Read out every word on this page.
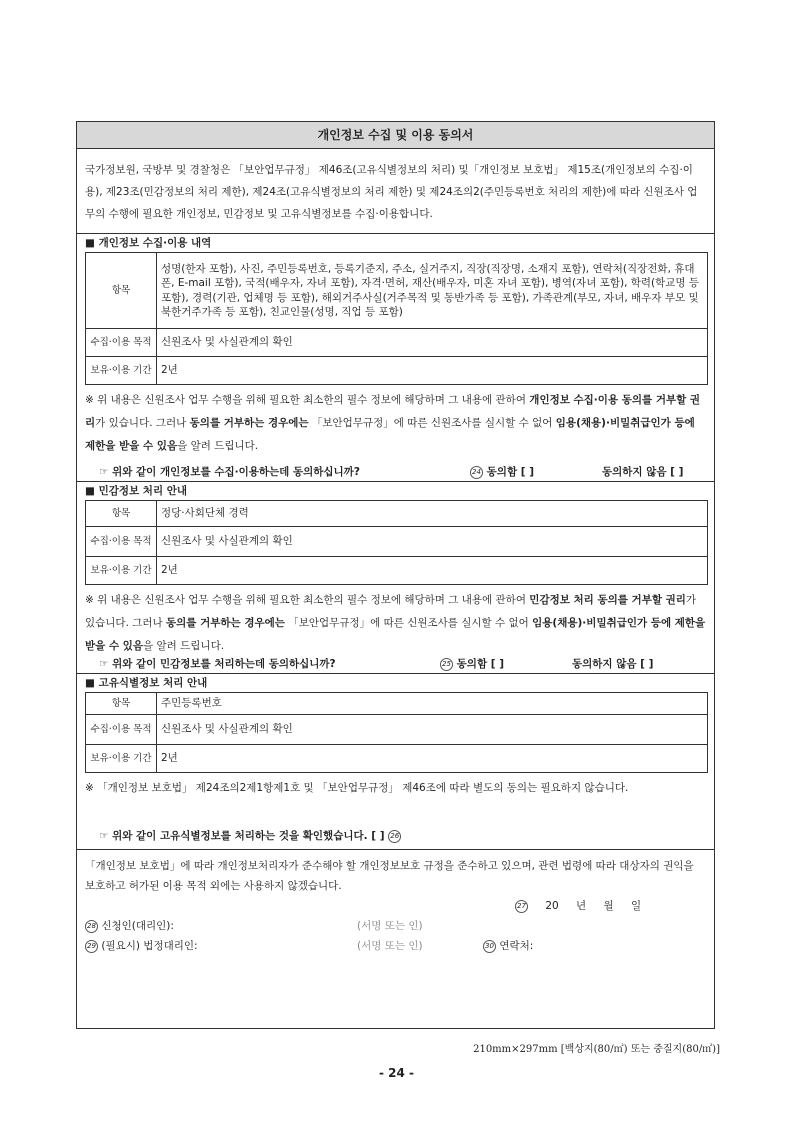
개인정보 수집 및 이용 동의서
국가정보원, 국방부 및 경찰청은 「보안업무규정」 제46조(고유식별정보의 처리) 및「개인정보 보호법」 제15조(개인정보의 수집·이용), 제23조(민감정보의 처리 제한), 제24조(고유식별정보의 처리 제한) 및 제24조의2(주민등록번호 처리의 제한)에 따라 신원조사 업무의 수행에 필요한 개인정보, 민감정보 및 고유식별정보를 수집·이용합니다.
■ 개인정보 수집·이용 내역
항목	성명(한자 포함), 사진, 주민등록번호, 등록기준지, 주소, 실거주지, 직장(직장명, 소재지 포함), 연락처(직장전화, 휴대폰, E-mail 포함), 국적(배우자, 자녀 포함), 자격·면허, 재산(배우자, 미혼 자녀 포함), 병역(자녀 포함), 학력(학교명 등 포함), 경력(기관, 업체명 등 포함), 해외거주사실(거주목적 및 동반가족 등 포함), 가족관계(부모, 자녀, 배우자 부모 및 북한거주가족 등 포함), 친교인물(성명, 직업 등 포함)
수집·이용 목적	신원조사 및 사실관계의 확인
보유·이용 기간	2년
※ 위 내용은 신원조사 업무 수행을 위해 필요한 최소한의 필수 정보에 해당하며 그 내용에 관하여 개인정보 수집·이용 동의를 거부할 권리가 있습니다. 그러나 동의를 거부하는 경우에는 「보안업무규정」에 따른 신원조사를 실시할 수 없어 임용(채용)·비밀취급인가 등에 제한을 받을 수 있음을 알려 드립니다.
☞ 위와 같이 개인정보를 수집·이용하는데 동의하십니까?	24 동의함 [ ]	동의하지 않음 [ ]
■ 민감정보 처리 안내
항목	정당·사회단체 경력
수집·이용 목적	신원조사 및 사실관계의 확인
보유·이용 기간	2년
※ 위 내용은 신원조사 업무 수행을 위해 필요한 최소한의 필수 정보에 해당하며 그 내용에 관하여 민감정보 처리 동의를 거부할 권리가 있습니다. 그러나 동의를 거부하는 경우에는 「보안업무규정」에 따른 신원조사를 실시할 수 없어 임용(채용)·비밀취급인가 등에 제한을 받을 수 있음을 알려 드립니다.
☞ 위와 같이 민감정보를 처리하는데 동의하십니까?	25 동의함 [ ]	동의하지 않음 [ ]
■ 고유식별정보 처리 안내
항목	주민등록번호
수집·이용 목적	신원조사 및 사실관계의 확인
보유·이용 기간	2년
※ 「개인정보 보호법」 제24조의2제1항제1호 및 「보안업무규정」 제46조에 따라 별도의 동의는 필요하지 않습니다.
☞ 위와 같이 고유식별정보를 처리하는 것을 확인했습니다. [ ] 26
「개인정보 보호법」에 따라 개인정보처리자가 준수해야 할 개인정보보호 규정을 준수하고 있으며, 관련 법령에 따라 대상자의 권익을 보호하고 허가된 이용 목적 외에는 사용하지 않겠습니다.
27 20 년 월 일
28 신청인(대리인):	(서명 또는 인)
29 (필요시) 법정대리인:	(서명 또는 인)	30 연락처:
210mm×297mm [백상지(80/㎡) 또는 중질지(80/㎡)]
- 24 -
